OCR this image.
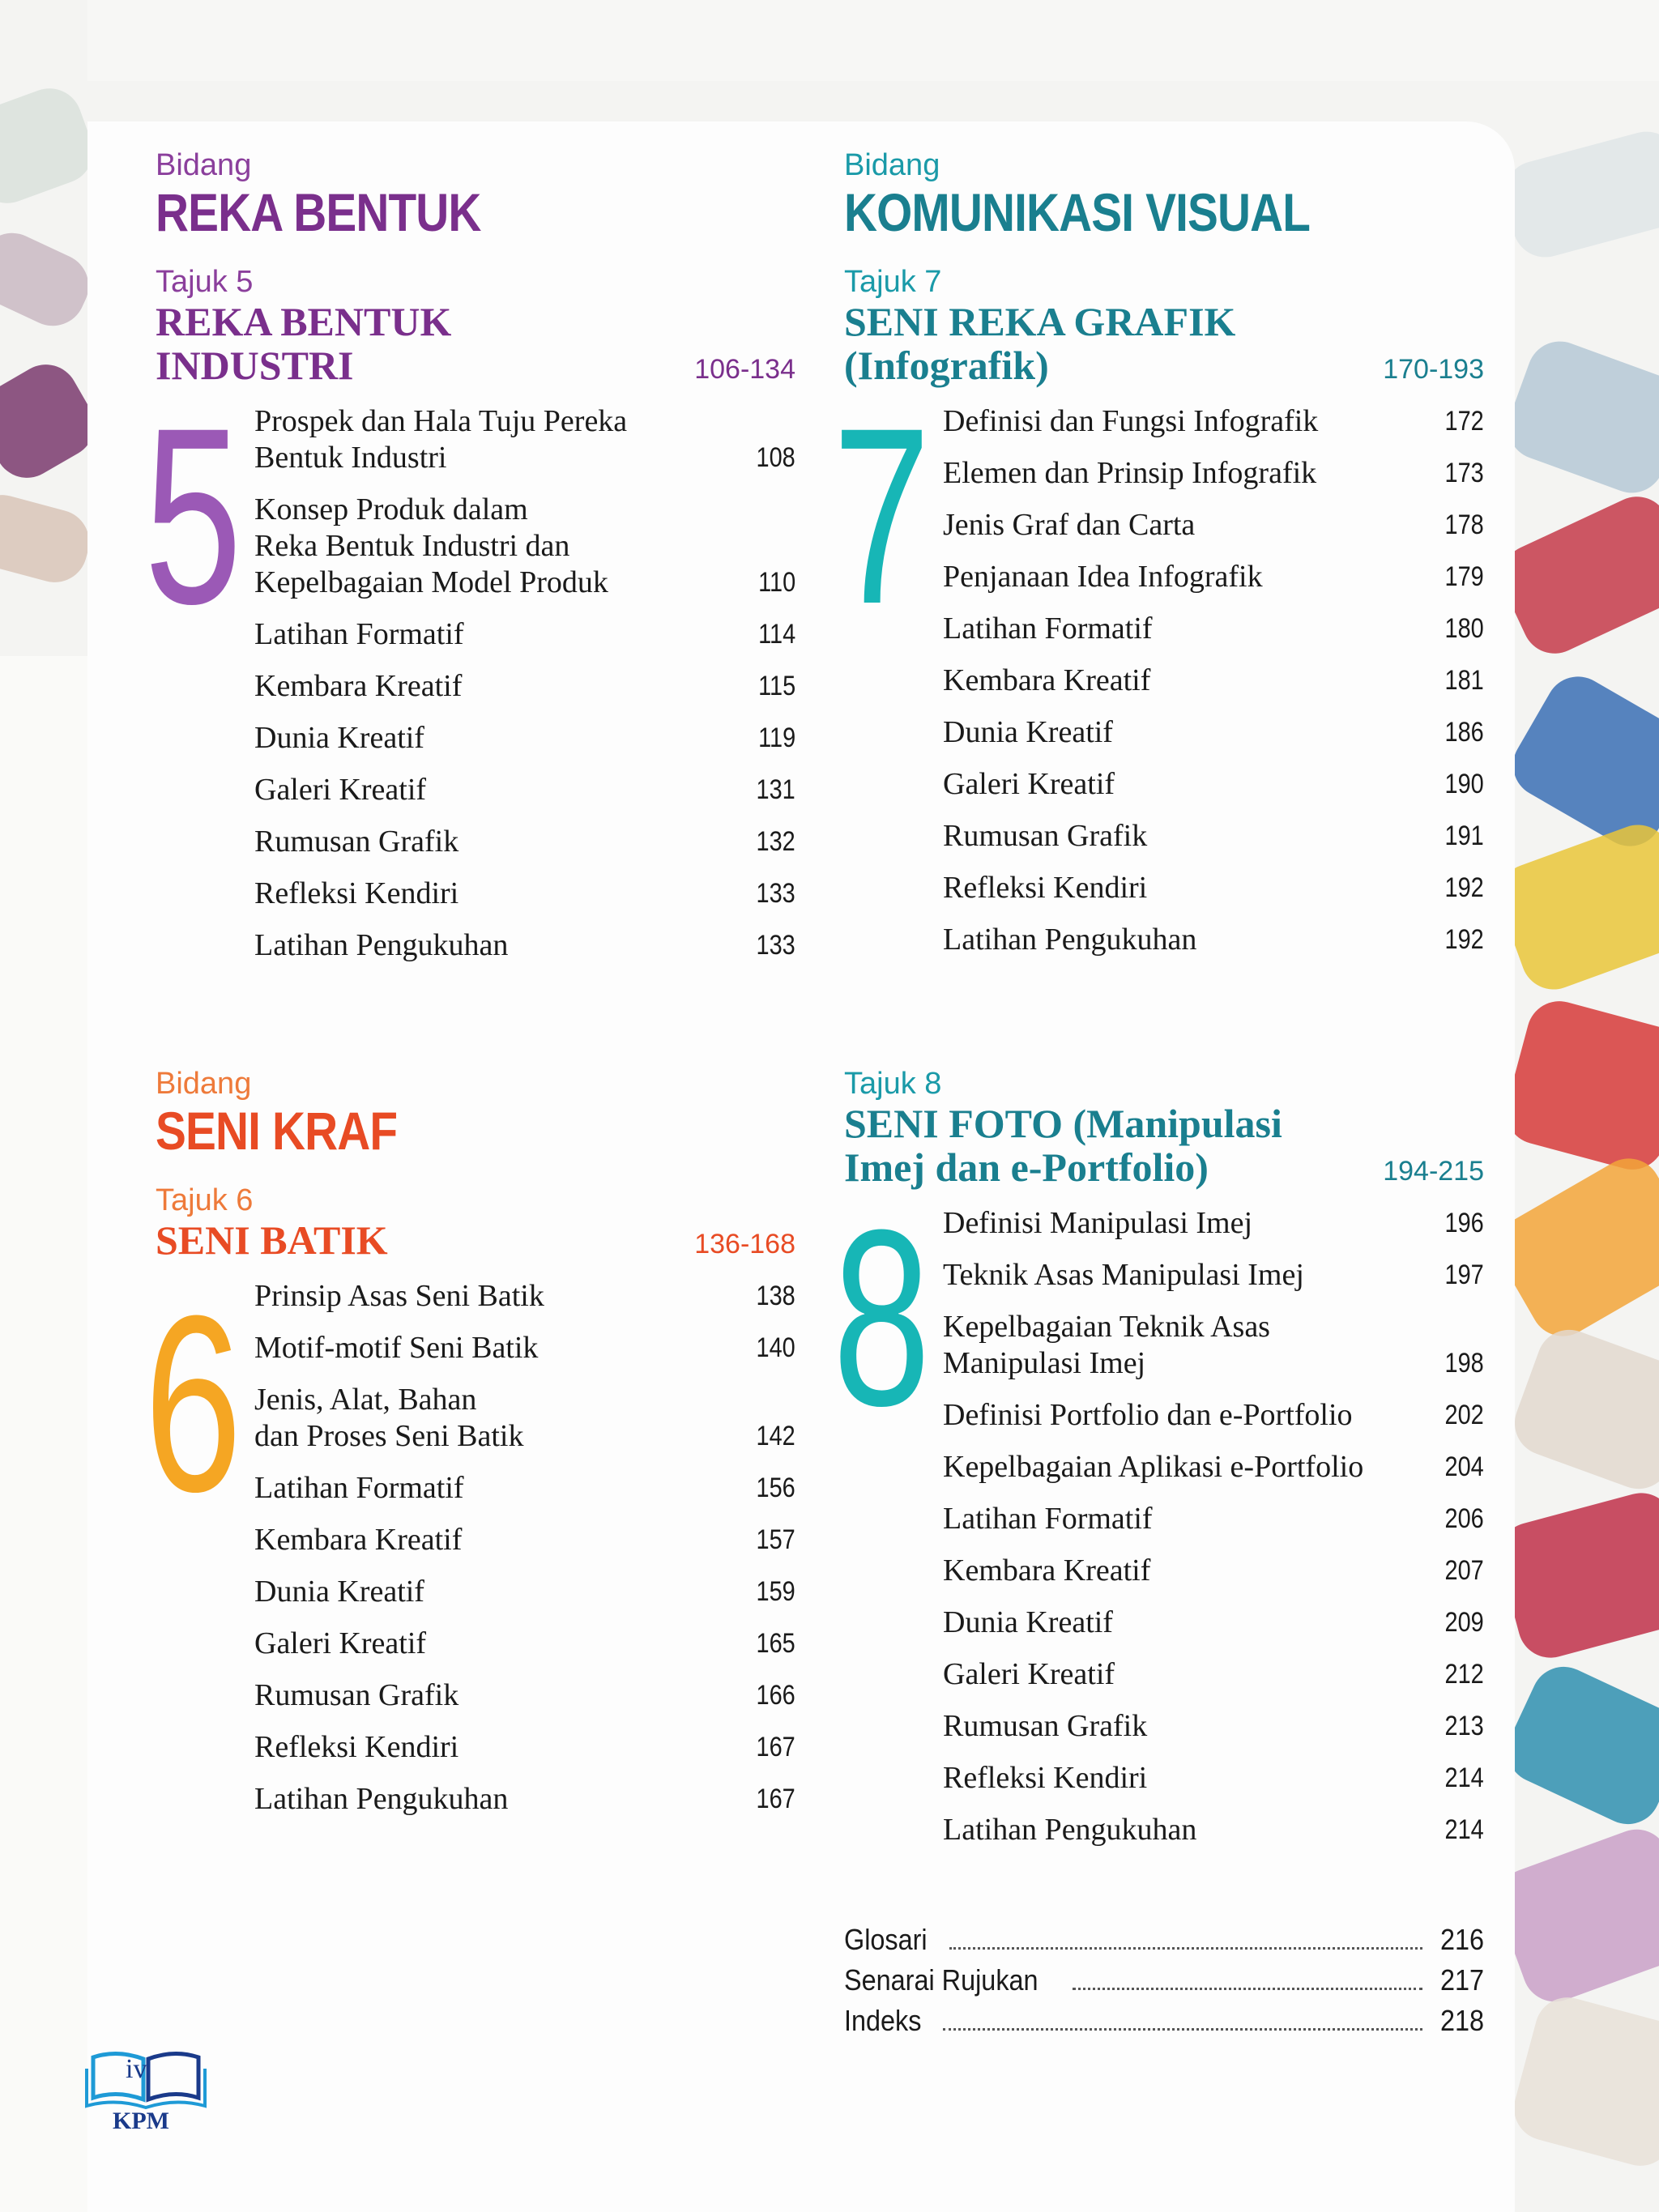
Bidang
REKA BENTUK
Tajuk 5
REKA BENTUK
INDUSTRI	106-134
5 Prospek dan Hala Tuju Pereka
Bentuk Industri	108
Konsep Produk dalam
Reka Bentuk Industri dan
Kepelbagaian Model Produk	110
Latihan Formatif	114
Kembara Kreatif	115
Dunia Kreatif	119
Galeri Kreatif	131
Rumusan Grafik	132
Refleksi Kendiri	133
Latihan Pengukuhan	133
Bidang
KOMUNIKASI VISUAL
Tajuk 7
SENI REKA GRAFIK
(Infografik)	170-193
7 Definisi dan Fungsi Infografik	172
Elemen dan Prinsip Infografik	173
Jenis Graf dan Carta	178
Penjanaan Idea Infografik	179
Latihan Formatif	180
Kembara Kreatif	181
Dunia Kreatif	186
Galeri Kreatif	190
Rumusan Grafik	191
Refleksi Kendiri	192
Latihan Pengukuhan	192
Bidang
SENI KRAF
Tajuk 6
SENI BATIK	136-168
6 Prinsip Asas Seni Batik	138
Motif-motif Seni Batik	140
Jenis, Alat, Bahan
dan Proses Seni Batik	142
Latihan Formatif	156
Kembara Kreatif	157
Dunia Kreatif	159
Galeri Kreatif	165
Rumusan Grafik	166
Refleksi Kendiri	167
Latihan Pengukuhan	167
Tajuk 8
SENI FOTO (Manipulasi
Imej dan e-Portfolio)	194-215
8 Definisi Manipulasi Imej	196
Teknik Asas Manipulasi Imej	197
Kepelbagaian Teknik Asas
Manipulasi Imej	198
Definisi Portfolio dan e-Portfolio	202
Kepelbagaian Aplikasi e-Portfolio	204
Latihan Formatif	206
Kembara Kreatif	207
Dunia Kreatif	209
Galeri Kreatif	212
Rumusan Grafik	213
Refleksi Kendiri	214
Latihan Pengukuhan	214
Glosari	216
Senarai Rujukan	217
Indeks	218
iv
KPM
